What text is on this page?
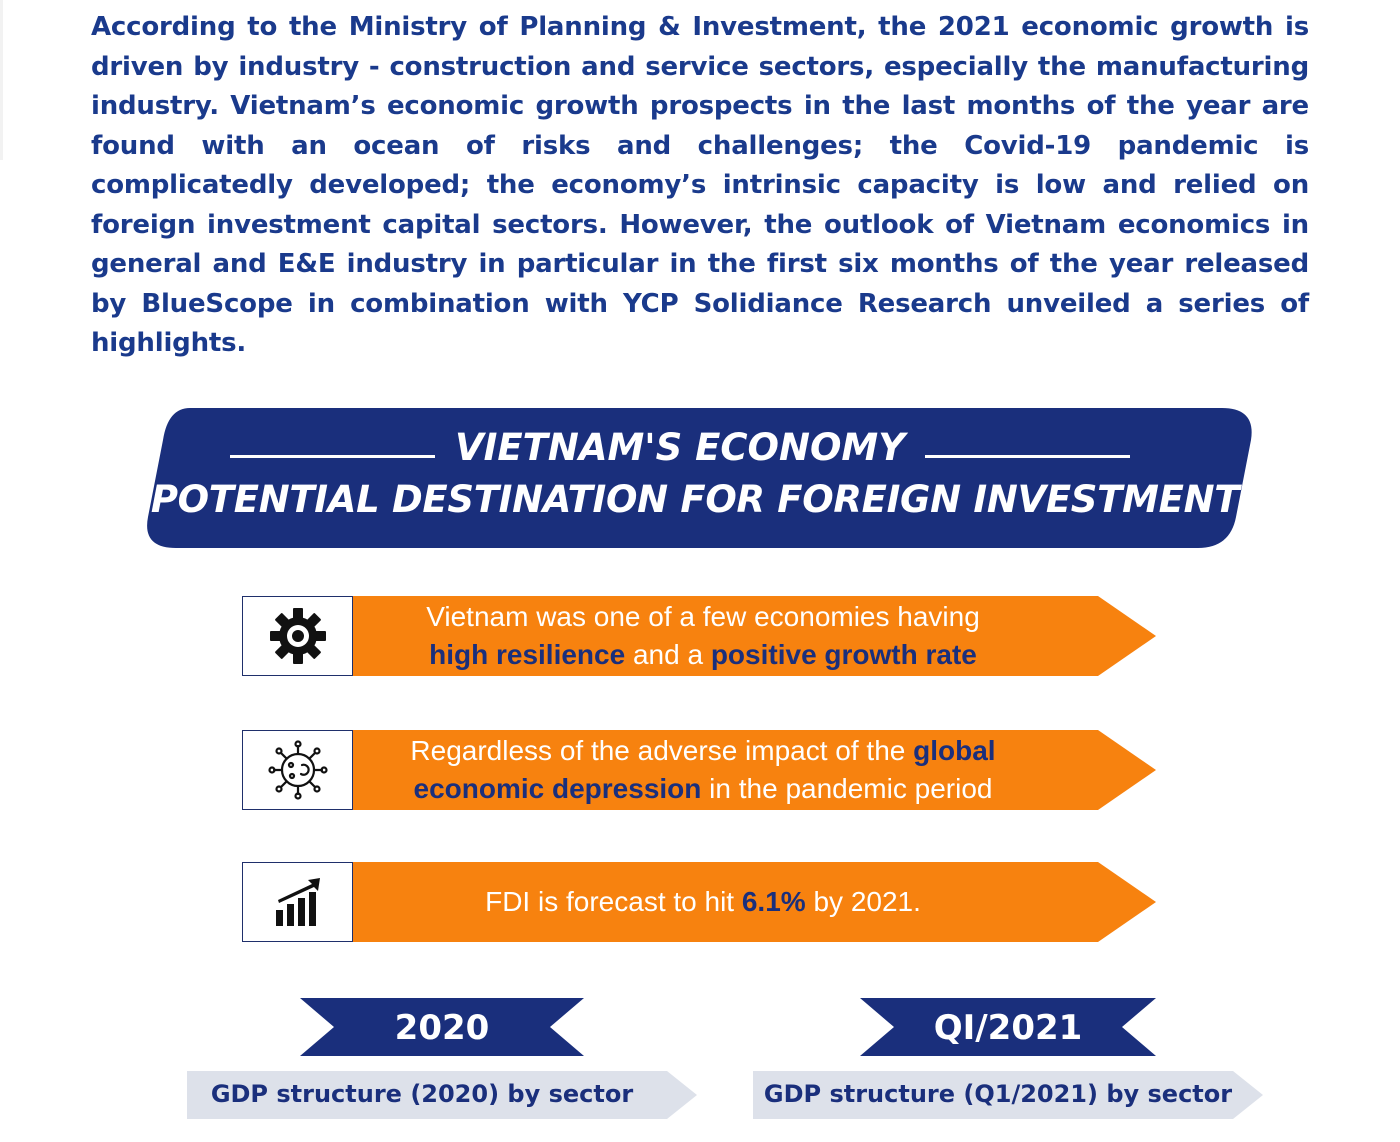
According to the Ministry of Planning & Investment, the 2021 economic growth is driven by industry - construction and service sectors, especially the manufacturing industry. Vietnam’s economic growth prospects in the last months of the year are found with an ocean of risks and challenges; the Covid-19 pandemic is complicatedly developed; the economy’s intrinsic capacity is low and relied on foreign investment capital sectors. However, the outlook of Vietnam economics in general and E&E industry in particular in the first six months of the year released by BlueScope in combination with YCP Solidiance Research unveiled a series of highlights.

VIETNAM'S ECONOMY
POTENTIAL DESTINATION FOR FOREIGN INVESTMENT
Vietnam was one of a few economies having
high resilience and a positive growth rate
Regardless of the adverse impact of the global
economic depression in the pandemic period
FDI is forecast to hit 6.1% by 2021.
2020	QI/2021
GDP structure (2020) by sector	GDP structure (Q1/2021) by sector
